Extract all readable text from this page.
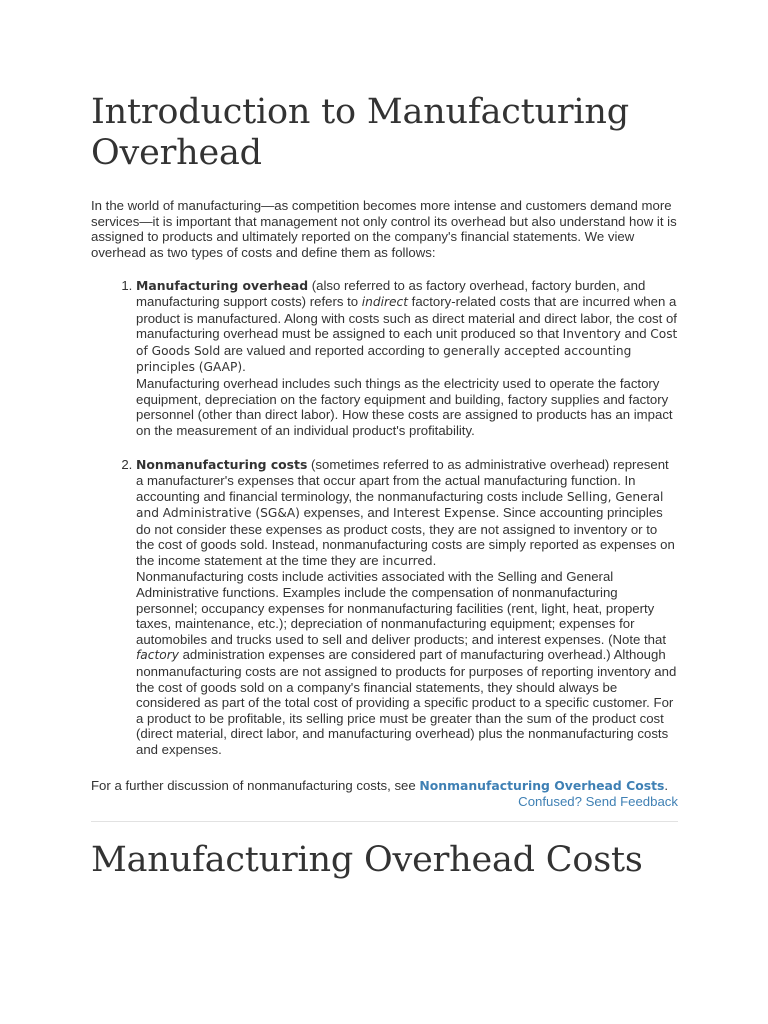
Introduction to Manufacturing Overhead

In the world of manufacturing—as competition becomes more intense and customers demand more services—it is important that management not only control its overhead but also understand how it is assigned to products and ultimately reported on the company's financial statements. We view overhead as two types of costs and define them as follows:

1. Manufacturing overhead (also referred to as factory overhead, factory burden, and manufacturing support costs) refers to indirect factory-related costs that are incurred when a product is manufactured. Along with costs such as direct material and direct labor, the cost of manufacturing overhead must be assigned to each unit produced so that Inventory and Cost of Goods Sold are valued and reported according to generally accepted accounting principles (GAAP).
Manufacturing overhead includes such things as the electricity used to operate the factory equipment, depreciation on the factory equipment and building, factory supplies and factory personnel (other than direct labor). How these costs are assigned to products has an impact on the measurement of an individual product's profitability.
2. Nonmanufacturing costs (sometimes referred to as administrative overhead) represent a manufacturer's expenses that occur apart from the actual manufacturing function. In accounting and financial terminology, the nonmanufacturing costs include Selling, General and Administrative (SG&A) expenses, and Interest Expense. Since accounting principles do not consider these expenses as product costs, they are not assigned to inventory or to the cost of goods sold. Instead, nonmanufacturing costs are simply reported as expenses on the income statement at the time they are incurred.
Nonmanufacturing costs include activities associated with the Selling and General Administrative functions. Examples include the compensation of nonmanufacturing personnel; occupancy expenses for nonmanufacturing facilities (rent, light, heat, property taxes, maintenance, etc.); depreciation of nonmanufacturing equipment; expenses for automobiles and trucks used to sell and deliver products; and interest expenses. (Note that factory administration expenses are considered part of manufacturing overhead.) Although nonmanufacturing costs are not assigned to products for purposes of reporting inventory and the cost of goods sold on a company's financial statements, they should always be considered as part of the total cost of providing a specific product to a specific customer. For a product to be profitable, its selling price must be greater than the sum of the product cost (direct material, direct labor, and manufacturing overhead) plus the nonmanufacturing costs and expenses.

For a further discussion of nonmanufacturing costs, see Nonmanufacturing Overhead Costs.

Confused? Send Feedback
Manufacturing Overhead Costs
